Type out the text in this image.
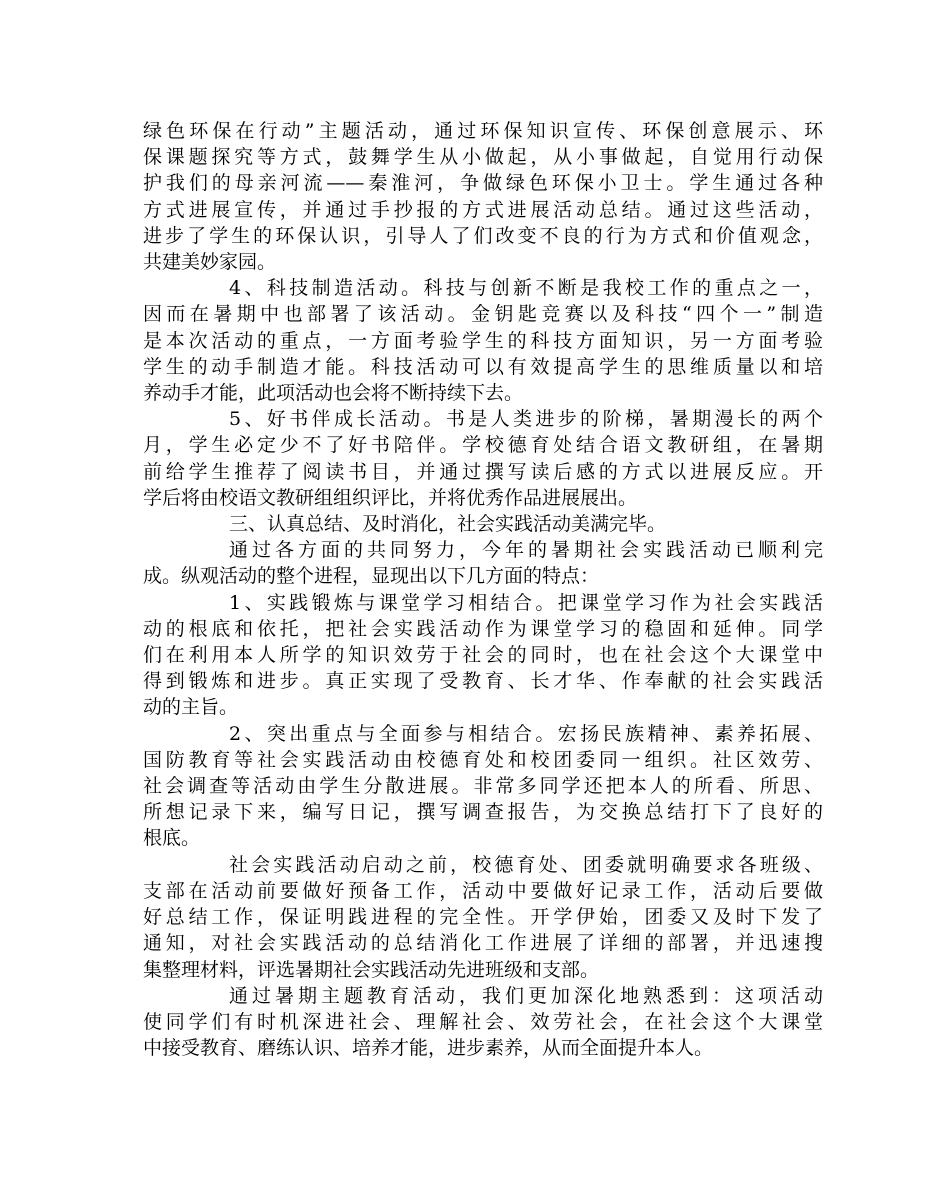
绿色环保在行动”主题活动，通过环保知识宣传、环保创意展示、环
保课题探究等方式，鼓舞学生从小做起，从小事做起，自觉用行动保
护我们的母亲河流——秦淮河，争做绿色环保小卫士。学生通过各种
方式进展宣传，并通过手抄报的方式进展活动总结。通过这些活动，
进步了学生的环保认识，引导人了们改变不良的行为方式和价值观念，
共建美妙家园。

4、科技制造活动。科技与创新不断是我校工作的重点之一，
因而在暑期中也部署了该活动。金钥匙竞赛以及科技“四个一”制造
是本次活动的重点，一方面考验学生的科技方面知识，另一方面考验
学生的动手制造才能。科技活动可以有效提高学生的思维质量以和培
养动手才能，此项活动也会将不断持续下去。

5、好书伴成长活动。书是人类进步的阶梯，暑期漫长的两个
月，学生必定少不了好书陪伴。学校德育处结合语文教研组，在暑期
前给学生推荐了阅读书目，并通过撰写读后感的方式以进展反应。开
学后将由校语文教研组组织评比，并将优秀作品进展展出。

三、认真总结、及时消化，社会实践活动美满完毕。

通过各方面的共同努力，今年的暑期社会实践活动已顺利完
成。纵观活动的整个进程，显现出以下几方面的特点：

1、实践锻炼与课堂学习相结合。把课堂学习作为社会实践活
动的根底和依托，把社会实践活动作为课堂学习的稳固和延伸。同学
们在利用本人所学的知识效劳于社会的同时，也在社会这个大课堂中
得到锻炼和进步。真正实现了受教育、长才华、作奉献的社会实践活
动的主旨。

2、突出重点与全面参与相结合。宏扬民族精神、素养拓展、
国防教育等社会实践活动由校德育处和校团委同一组织。社区效劳、
社会调查等活动由学生分散进展。非常多同学还把本人的所看、所思、
所想记录下来，编写日记，撰写调查报告，为交换总结打下了良好的
根底。

社会实践活动启动之前，校德育处、团委就明确要求各班级、
支部在活动前要做好预备工作，活动中要做好记录工作，活动后要做
好总结工作，保证明践进程的完全性。开学伊始，团委又及时下发了
通知，对社会实践活动的总结消化工作进展了详细的部署，并迅速搜
集整理材料，评选暑期社会实践活动先进班级和支部。

通过暑期主题教育活动，我们更加深化地熟悉到：这项活动
使同学们有时机深进社会、理解社会、效劳社会，在社会这个大课堂
中接受教育、磨练认识、培养才能，进步素养，从而全面提升本人。
